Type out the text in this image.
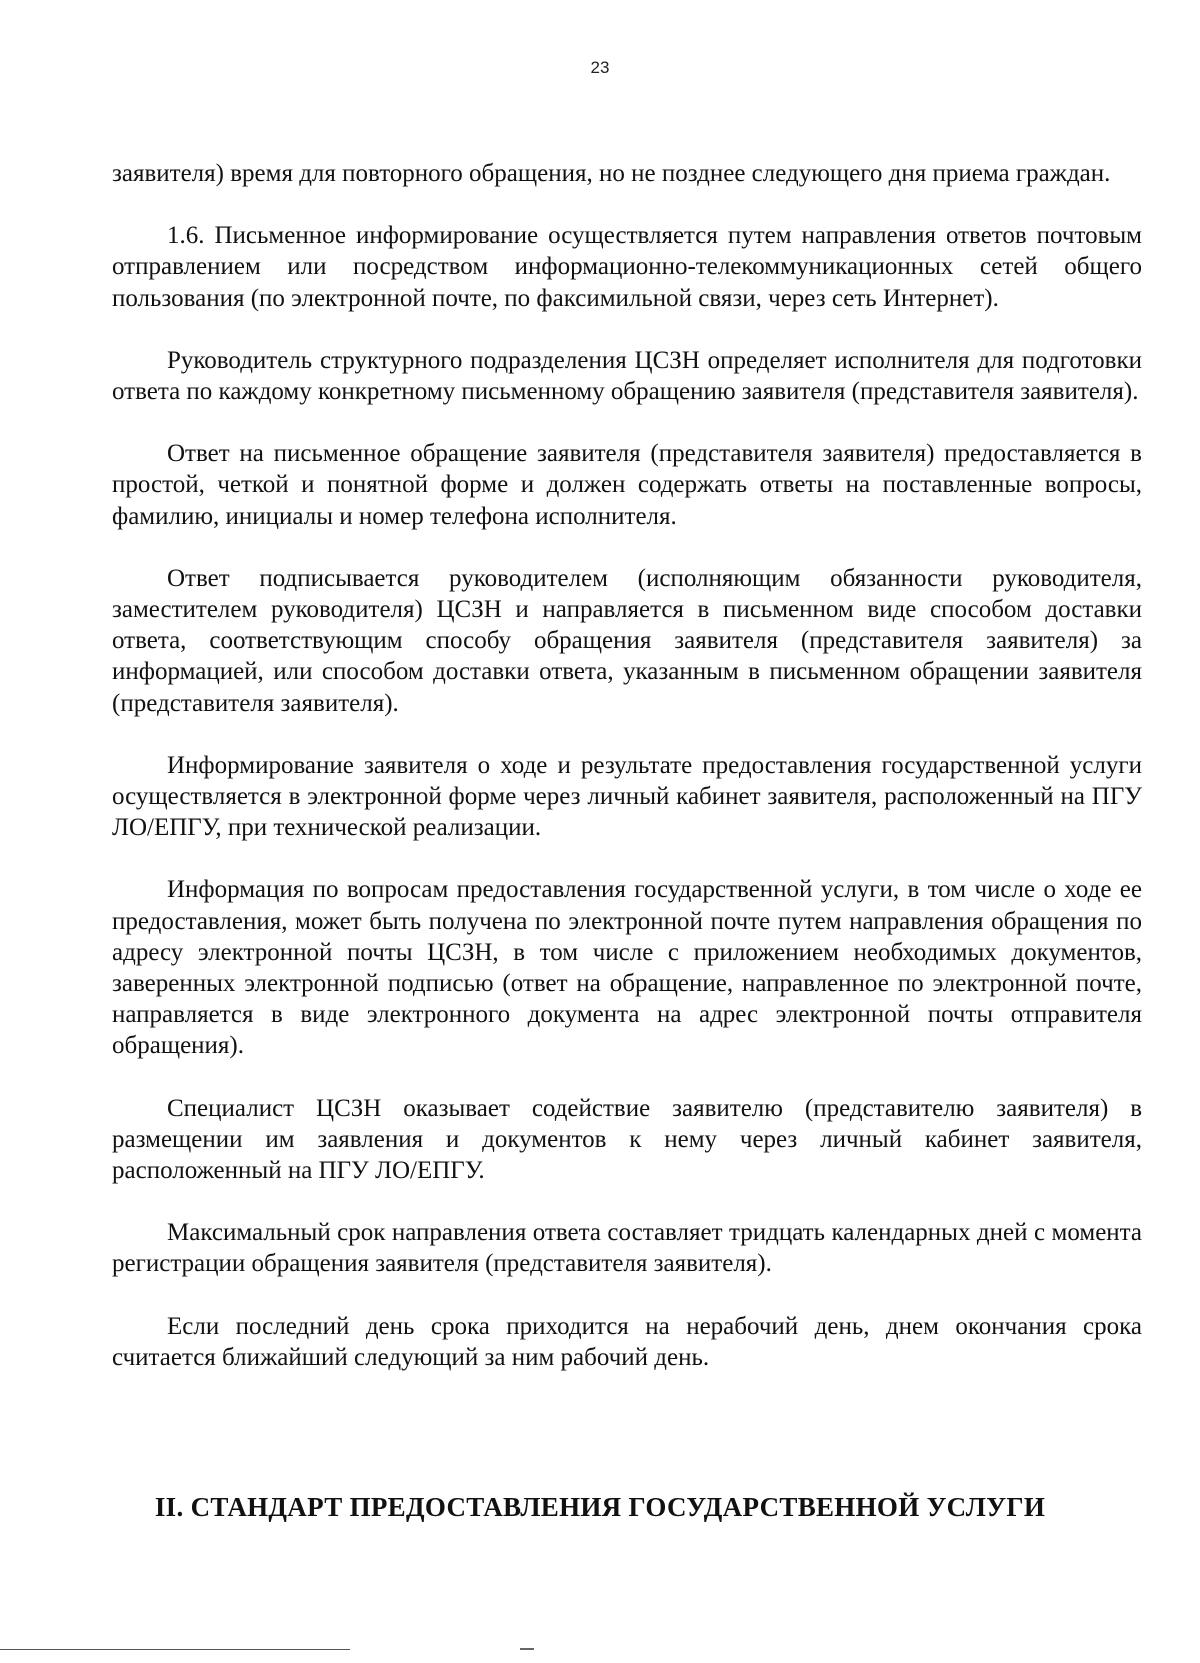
23

заявителя) время для повторного обращения, но не позднее следующего дня приема граждан.

1.6. Письменное информирование осуществляется путем направления ответов почтовым отправлением или посредством информационно-телекоммуникационных сетей общего пользования (по электронной почте, по факсимильной связи, через сеть Интернет).

Руководитель структурного подразделения ЦСЗН определяет исполнителя для подготовки ответа по каждому конкретному письменному обращению заявителя (представителя заявителя).

Ответ на письменное обращение заявителя (представителя заявителя) предоставляется в простой, четкой и понятной форме и должен содержать ответы на поставленные вопросы, фамилию, инициалы и номер телефона исполнителя.

Ответ подписывается руководителем (исполняющим обязанности руководителя, заместителем руководителя) ЦСЗН и направляется в письменном виде способом доставки ответа, соответствующим способу обращения заявителя (представителя заявителя) за информацией, или способом доставки ответа, указанным в письменном обращении заявителя (представителя заявителя).

Информирование заявителя о ходе и результате предоставления государственной услуги осуществляется в электронной форме через личный кабинет заявителя, расположенный на ПГУ ЛО/ЕПГУ, при технической реализации.

Информация по вопросам предоставления государственной услуги, в том числе о ходе ее предоставления, может быть получена по электронной почте путем направления обращения по адресу электронной почты ЦСЗН, в том числе с приложением необходимых документов, заверенных электронной подписью (ответ на обращение, направленное по электронной почте, направляется в виде электронного документа на адрес электронной почты отправителя обращения).

Специалист ЦСЗН оказывает содействие заявителю (представителю заявителя) в размещении им заявления и документов к нему через личный кабинет заявителя, расположенный на ПГУ ЛО/ЕПГУ.

Максимальный срок направления ответа составляет тридцать календарных дней с момента регистрации обращения заявителя (представителя заявителя).

Если последний день срока приходится на нерабочий день, днем окончания срока считается ближайший следующий за ним рабочий день.

II. СТАНДАРТ ПРЕДОСТАВЛЕНИЯ ГОСУДАРСТВЕННОЙ УСЛУГИ
